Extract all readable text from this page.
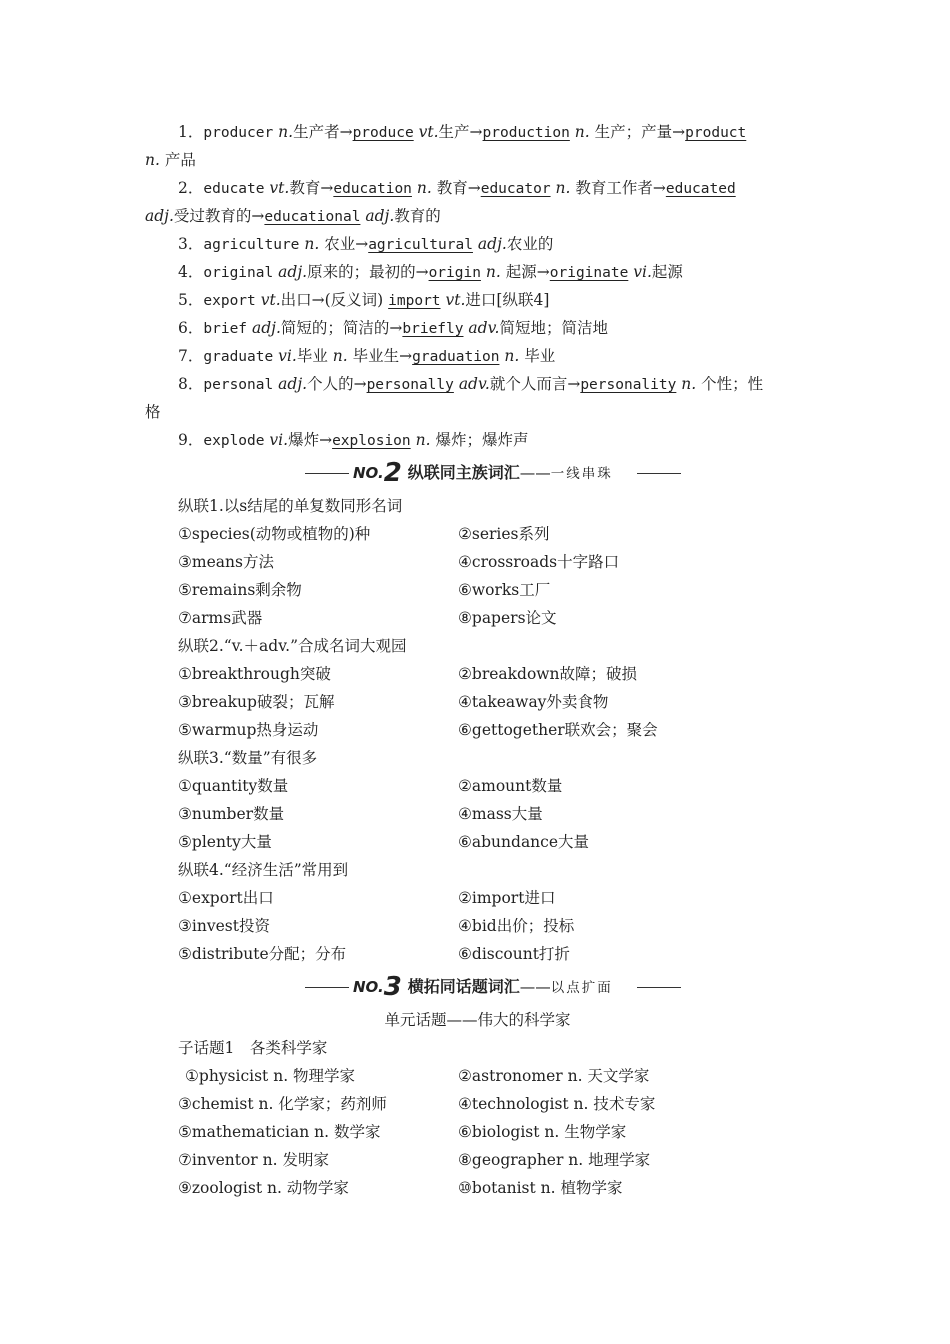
1．producer n.生产者→produce vt.生产→production n. 生产；产量→product
n. 产品
2．educate vt.教育→education n. 教育→educator n. 教育工作者→educated
adj.受过教育的→educational adj.教育的
3．agriculture n. 农业→agricultural adj.农业的
4．original adj.原来的；最初的→origin n. 起源→originate vi.起源
5．export vt.出口→(反义词) import vt.进口[纵联4]
6．brief adj.简短的；简洁的→briefly adv.简短地；简洁地
7．graduate vi.毕业 n. 毕业生→graduation n. 毕业
8．personal adj.个人的→personally adv.就个人而言→personality n. 个性；性
格
9．explode vi.爆炸→explosion n. 爆炸；爆炸声
NO.2 纵联同主族词汇——一线串珠
纵联1.以s结尾的单复数同形名词
①species(动物或植物的)种	②series系列
③means方法	④crossroads十字路口
⑤remains剩余物	⑥works工厂
⑦arms武器	⑧papers论文
纵联2.“v.＋adv.”合成名词大观园
①breakthrough突破	②breakdown故障；破损
③breakup破裂；瓦解	④takeaway外卖食物
⑤warmup热身运动	⑥gettogether联欢会；聚会
纵联3.“数量”有很多
①quantity数量	②amount数量
③number数量	④mass大量
⑤plenty大量	⑥abundance大量
纵联4.“经济生活”常用到
①export出口	②import进口
③invest投资	④bid出价；投标
⑤distribute分配；分布	⑥discount打折
NO.3 横拓同话题词汇——以点扩面
单元话题——伟大的科学家
子话题1　各类科学家
①physicist n. 物理学家	②astronomer n. 天文学家
③chemist n. 化学家；药剂师	④technologist n. 技术专家
⑤mathematician n. 数学家	⑥biologist n. 生物学家
⑦inventor n. 发明家	⑧geographer n. 地理学家
⑨zoologist n. 动物学家	⑩botanist n. 植物学家
